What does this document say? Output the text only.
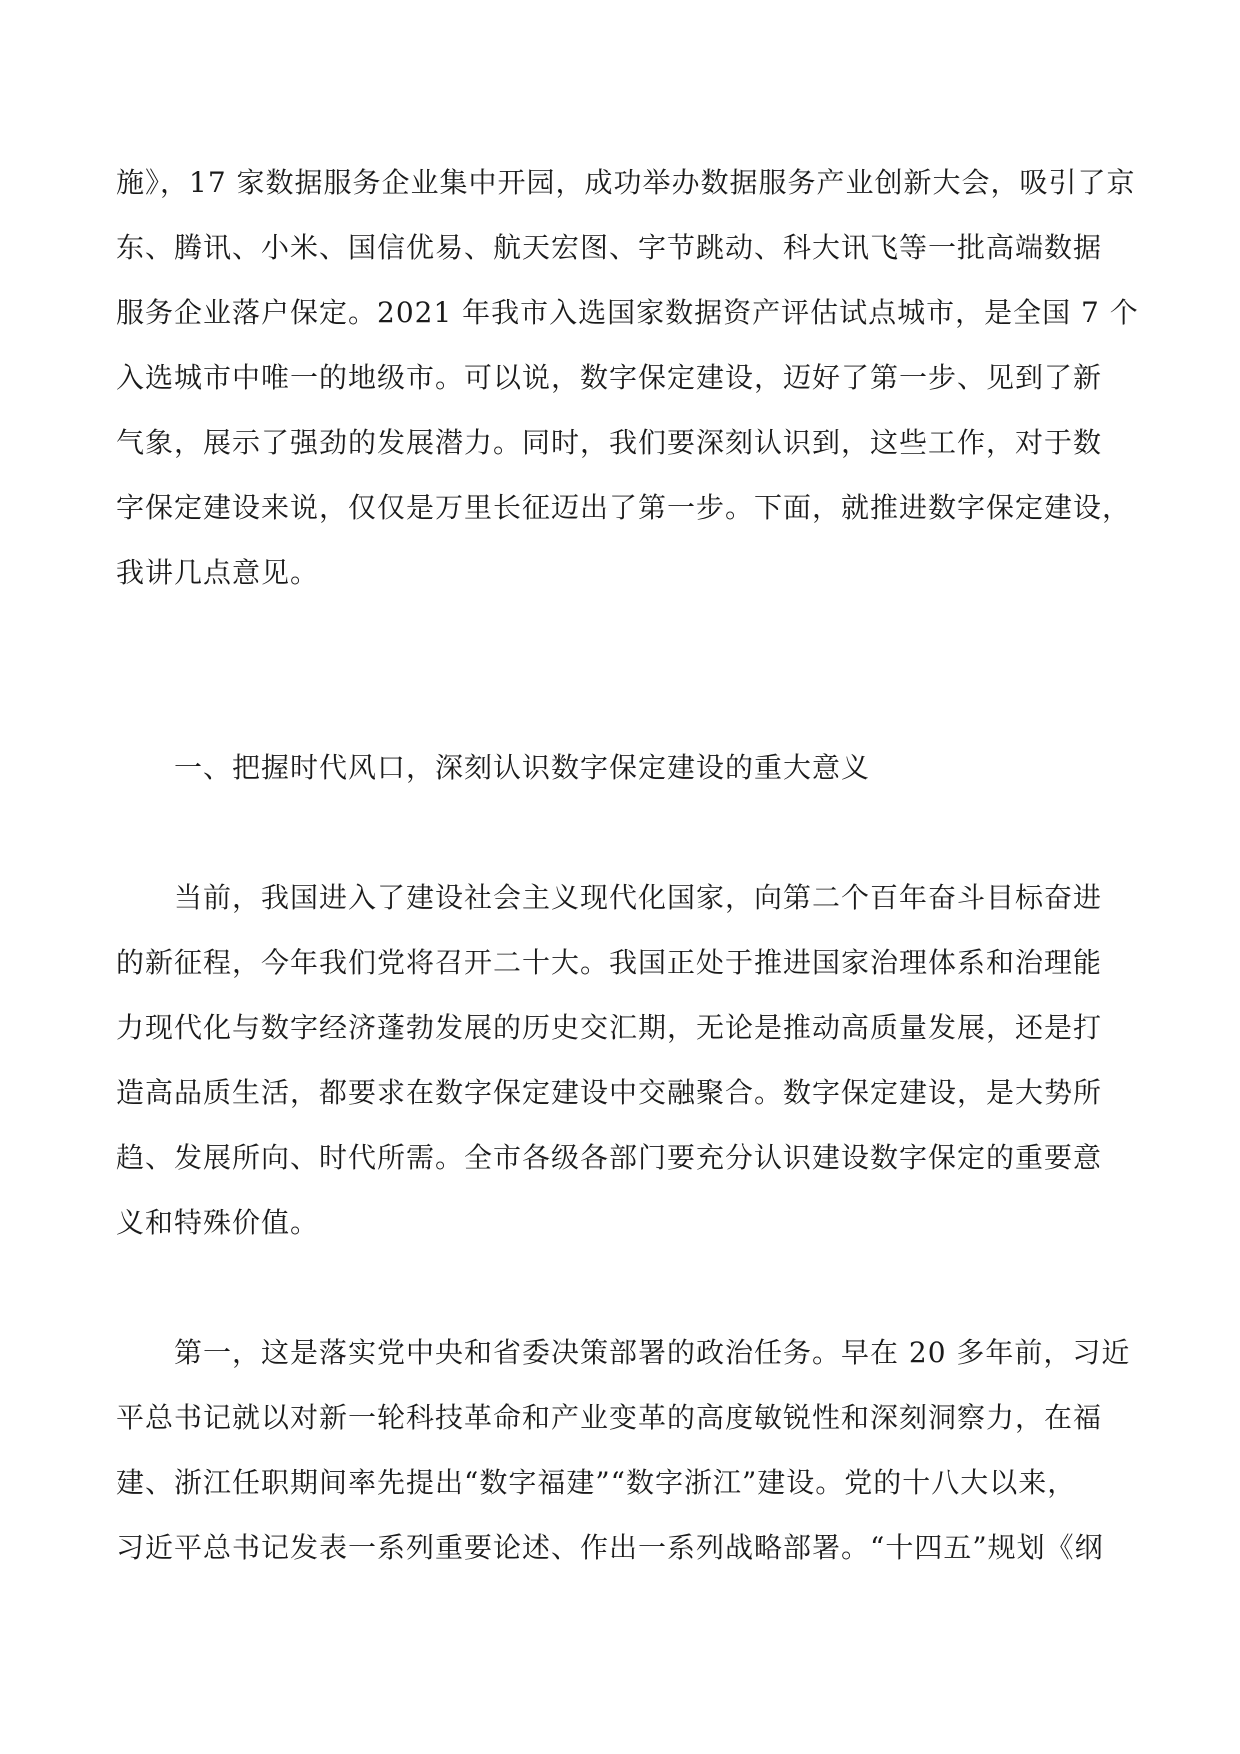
施》，17 家数据服务企业集中开园，成功举办数据服务产业创新大会，吸引了京
东、腾讯、小米、国信优易、航天宏图、字节跳动、科大讯飞等一批高端数据
服务企业落户保定。2021 年我市入选国家数据资产评估试点城市，是全国 7 个
入选城市中唯一的地级市。可以说，数字保定建设，迈好了第一步、见到了新
气象，展示了强劲的发展潜力。同时，我们要深刻认识到，这些工作，对于数
字保定建设来说，仅仅是万里长征迈出了第一步。下面，就推进数字保定建设，
我讲几点意见。
一、把握时代风口，深刻认识数字保定建设的重大意义
当前，我国进入了建设社会主义现代化国家，向第二个百年奋斗目标奋进
的新征程，今年我们党将召开二十大。我国正处于推进国家治理体系和治理能
力现代化与数字经济蓬勃发展的历史交汇期，无论是推动高质量发展，还是打
造高品质生活，都要求在数字保定建设中交融聚合。数字保定建设，是大势所
趋、发展所向、时代所需。全市各级各部门要充分认识建设数字保定的重要意
义和特殊价值。
第一，这是落实党中央和省委决策部署的政治任务。早在 20 多年前，习近
平总书记就以对新一轮科技革命和产业变革的高度敏锐性和深刻洞察力，在福
建、浙江任职期间率先提出“数字福建”“数字浙江”建设。党的十八大以来，
习近平总书记发表一系列重要论述、作出一系列战略部署。“十四五”规划《纲
